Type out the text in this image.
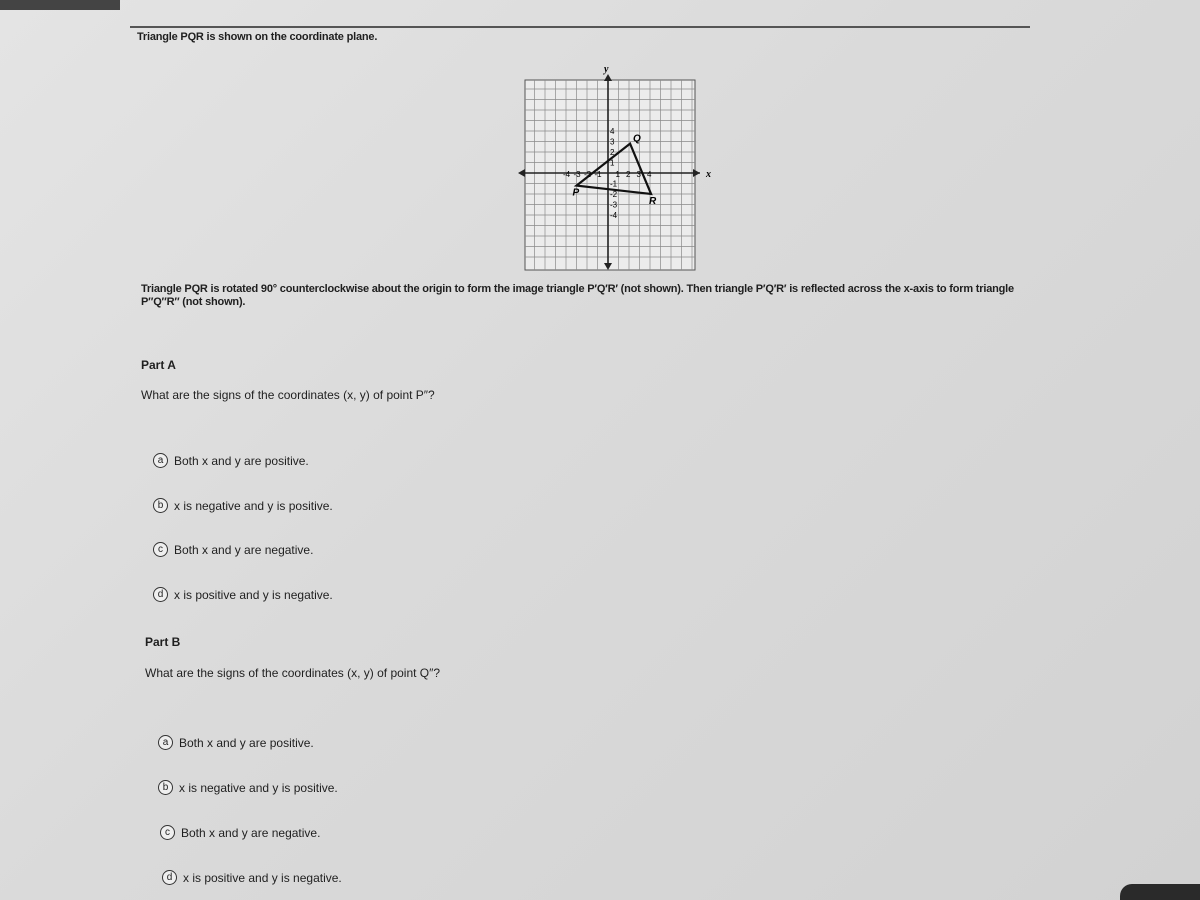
Triangle PQR is shown on the coordinate plane.
x
y
-4 -3 -2 -1 1 2 3 4
4
3
2
1
-1
-2
-3
-4
P
Q
R
Triangle PQR is rotated 90° counterclockwise about the origin to form the image triangle P′Q′R′ (not shown). Then triangle P′Q′R′ is reflected across the x-axis to form triangle P″Q″R″ (not shown).
Part A
What are the signs of the coordinates (x, y) of point P″?
a Both x and y are positive.
b x is negative and y is positive.
c Both x and y are negative.
d x is positive and y is negative.
Part B
What are the signs of the coordinates (x, y) of point Q″?
a Both x and y are positive.
b x is negative and y is positive.
c Both x and y are negative.
d x is positive and y is negative.
